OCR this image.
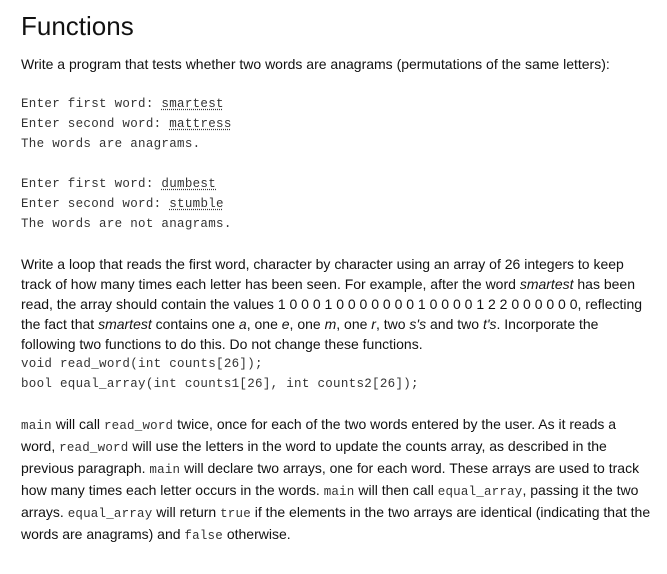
Functions

Write a program that tests whether two words are anagrams (permutations of the same letters):

Enter first word: smartest
Enter second word: mattress
The words are anagrams.
Enter first word: dumbest
Enter second word: stumble
The words are not anagrams.

Write a loop that reads the first word, character by character using an array of 26 integers to keep track of how many times each letter has been seen. For example, after the word smartest has been read, the array should contain the values 1 0 0 0 1 0 0 0 0 0 0 0 1 0 0 0 0 1 2 2 0 0 0 0 0 0, reflecting the fact that smartest contains one a, one e, one m, one r, two s's and two t's. Incorporate the following two functions to do this. Do not change these functions.

void read_word(int counts[26]);
bool equal_array(int counts1[26], int counts2[26]);

main will call read_word twice, once for each of the two words entered by the user. As it reads a word, read_word will use the letters in the word to update the counts array, as described in the previous paragraph. main will declare two arrays, one for each word. These arrays are used to track how many times each letter occurs in the words. main will then call equal_array, passing it the two arrays. equal_array will return true if the elements in the two arrays are identical (indicating that the words are anagrams) and false otherwise.
